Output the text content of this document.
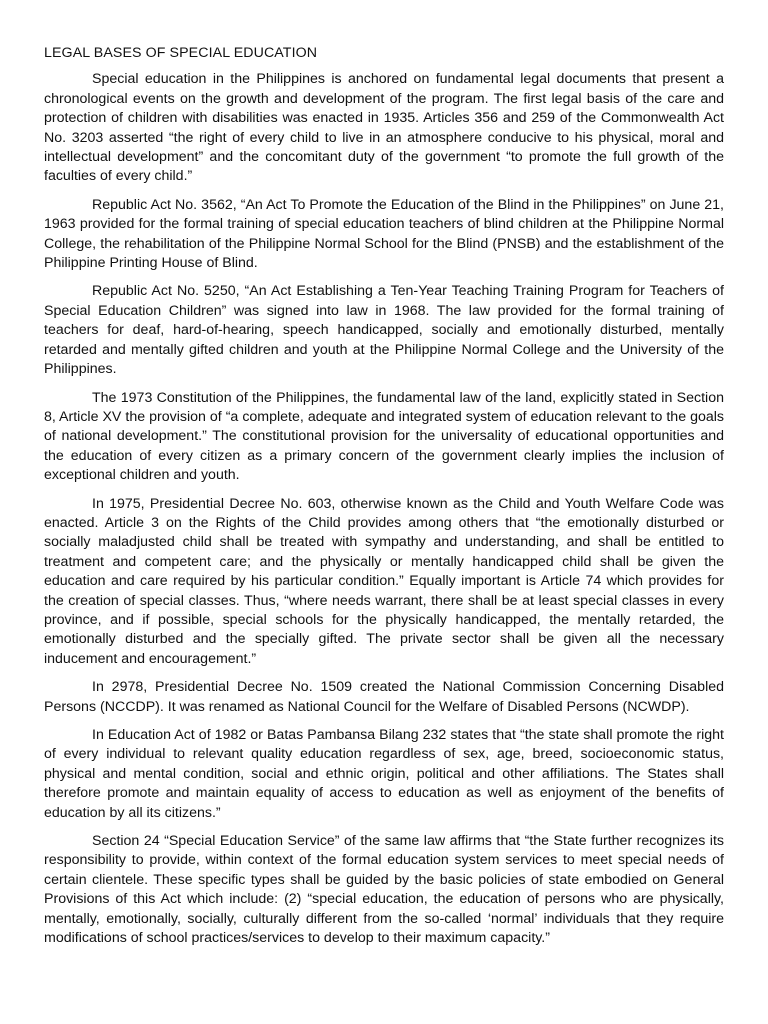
LEGAL BASES OF SPECIAL EDUCATION

Special education in the Philippines is anchored on fundamental legal documents that present a chronological events on the growth and development of the program. The first legal basis of the care and protection of children with disabilities was enacted in 1935. Articles 356 and 259 of the Commonwealth Act No. 3203 asserted “the right of every child to live in an atmosphere conducive to his physical, moral and intellectual development” and the concomitant duty of the government “to promote the full growth of the faculties of every child.”

Republic Act No. 3562, “An Act To Promote the Education of the Blind in the Philippines” on June 21, 1963 provided for the formal training of special education teachers of blind children at the Philippine Normal College, the rehabilitation of the Philippine Normal School for the Blind (PNSB) and the establishment of the Philippine Printing House of Blind.

Republic Act No. 5250, “An Act Establishing a Ten-Year Teaching Training Program for Teachers of Special Education Children” was signed into law in 1968. The law provided for the formal training of teachers for deaf, hard-of-hearing, speech handicapped, socially and emotionally disturbed, mentally retarded and mentally gifted children and youth at the Philippine Normal College and the University of the Philippines.

The 1973 Constitution of the Philippines, the fundamental law of the land, explicitly stated in Section 8, Article XV the provision of “a complete, adequate and integrated system of education relevant to the goals of national development.” The constitutional provision for the universality of educational opportunities and the education of every citizen as a primary concern of the government clearly implies the inclusion of exceptional children and youth.

In 1975, Presidential Decree No. 603, otherwise known as the Child and Youth Welfare Code was enacted. Article 3 on the Rights of the Child provides among others that “the emotionally disturbed or socially maladjusted child shall be treated with sympathy and understanding, and shall be entitled to treatment and competent care; and the physically or mentally handicapped child shall be given the education and care required by his particular condition.” Equally important is Article 74 which provides for the creation of special classes. Thus, “where needs warrant, there shall be at least special classes in every province, and if possible, special schools for the physically handicapped, the mentally retarded, the emotionally disturbed and the specially gifted. The private sector shall be given all the necessary inducement and encouragement.”

In 2978, Presidential Decree No. 1509 created the National Commission Concerning Disabled Persons (NCCDP). It was renamed as National Council for the Welfare of Disabled Persons (NCWDP).

In Education Act of 1982 or Batas Pambansa Bilang 232 states that “the state shall promote the right of every individual to relevant quality education regardless of sex, age, breed, socioeconomic status, physical and mental condition, social and ethnic origin, political and other affiliations. The States shall therefore promote and maintain equality of access to education as well as enjoyment of the benefits of education by all its citizens.”

Section 24 “Special Education Service” of the same law affirms that “the State further recognizes its responsibility to provide, within context of the formal education system services to meet special needs of certain clientele. These specific types shall be guided by the basic policies of state embodied on General Provisions of this Act which include: (2) “special education, the education of persons who are physically, mentally, emotionally, socially, culturally different from the so-called ‘normal’ individuals that they require modifications of school practices/services to develop to their maximum capacity.”
